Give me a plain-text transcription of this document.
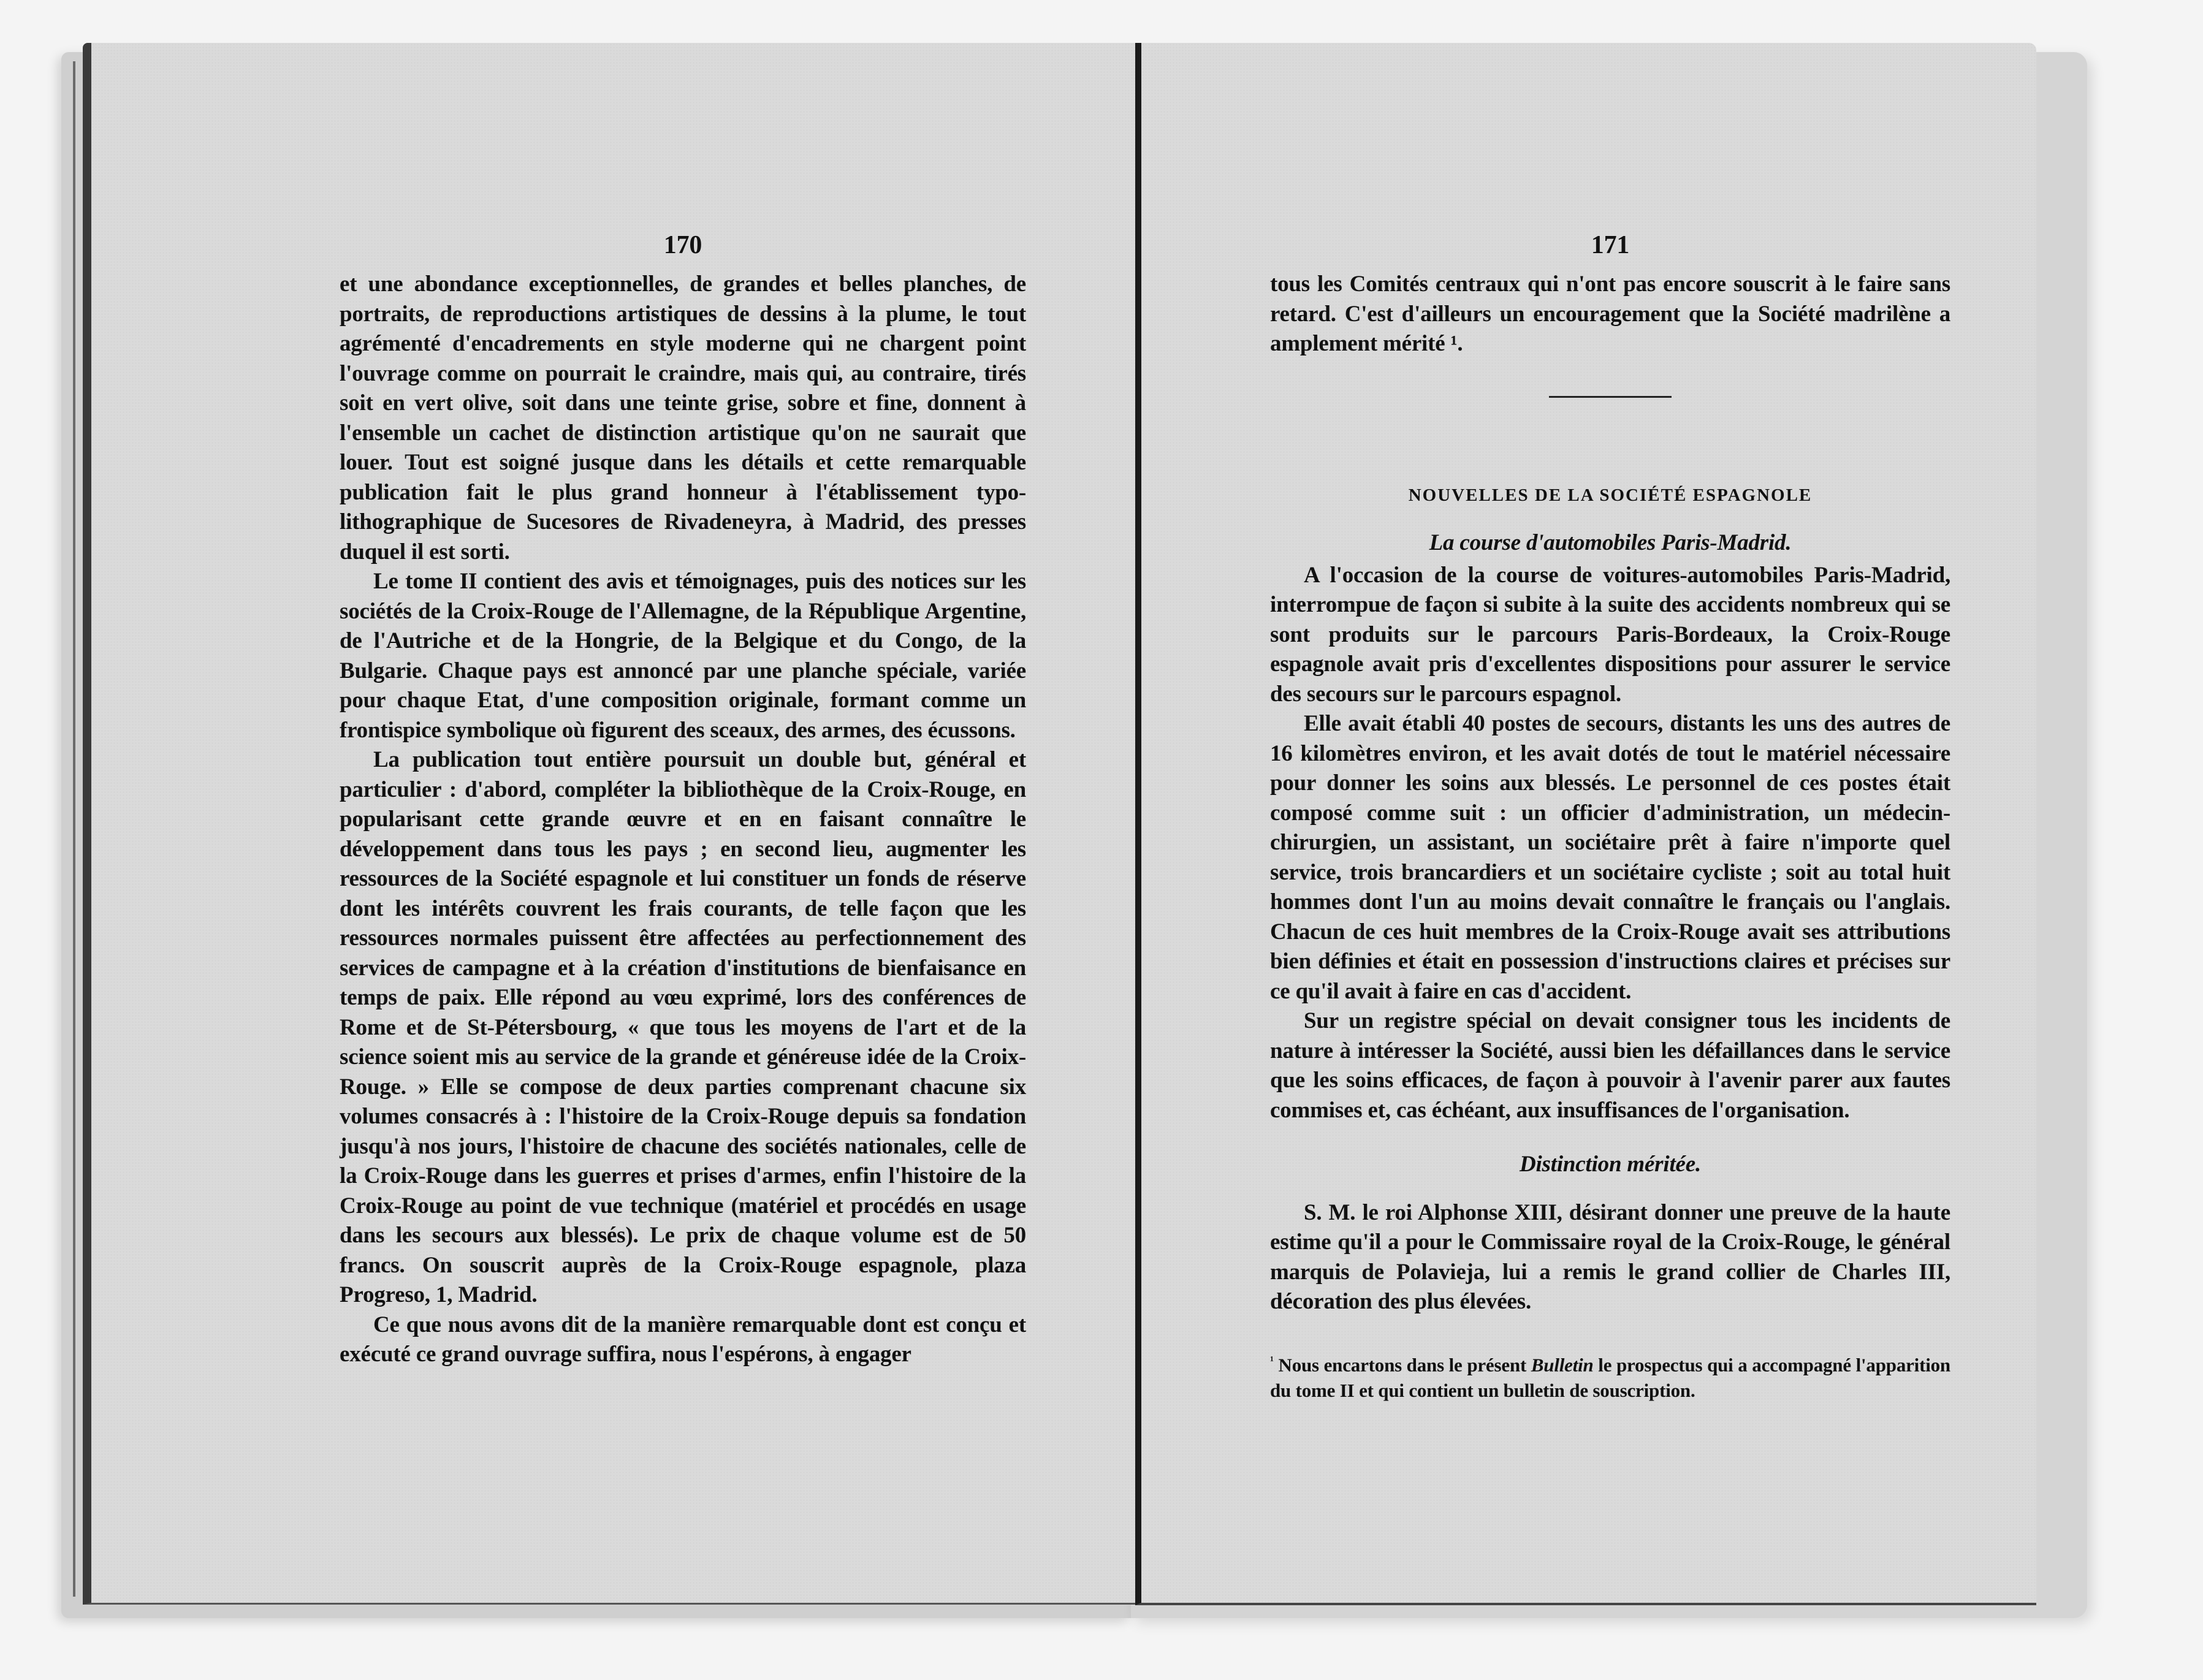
170

et une abondance exceptionnelles, de grandes et belles planches, de portraits, de reproductions artistiques de dessins à la plume, le tout agrémenté d'encadrements en style moderne qui ne chargent point l'ouvrage comme on pourrait le craindre, mais qui, au contraire, tirés soit en vert olive, soit dans une teinte grise, sobre et fine, donnent à l'ensemble un cachet de distinction artistique qu'on ne saurait que louer. Tout est soigné jusque dans les détails et cette remarquable publication fait le plus grand honneur à l'établissement typo-lithographique de Sucesores de Rivadeneyra, à Madrid, des presses duquel il est sorti.

Le tome II contient des avis et témoignages, puis des notices sur les sociétés de la Croix-Rouge de l'Allemagne, de la République Argentine, de l'Autriche et de la Hongrie, de la Belgique et du Congo, de la Bulgarie. Chaque pays est annoncé par une planche spéciale, variée pour chaque Etat, d'une composition originale, formant comme un frontispice symbolique où figurent des sceaux, des armes, des écussons.

La publication tout entière poursuit un double but, général et particulier : d'abord, compléter la bibliothèque de la Croix-Rouge, en popularisant cette grande œuvre et en en faisant connaître le développement dans tous les pays ; en second lieu, augmenter les ressources de la Société espagnole et lui constituer un fonds de réserve dont les intérêts couvrent les frais courants, de telle façon que les ressources normales puissent être affectées au perfectionnement des services de campagne et à la création d'institutions de bienfaisance en temps de paix. Elle répond au vœu exprimé, lors des conférences de Rome et de St-Pétersbourg, « que tous les moyens de l'art et de la science soient mis au service de la grande et généreuse idée de la Croix-Rouge. » Elle se compose de deux parties comprenant chacune six volumes consacrés à : l'histoire de la Croix-Rouge depuis sa fondation jusqu'à nos jours, l'histoire de chacune des sociétés nationales, celle de la Croix-Rouge dans les guerres et prises d'armes, enfin l'histoire de la Croix-Rouge au point de vue technique (matériel et procédés en usage dans les secours aux blessés). Le prix de chaque volume est de 50 francs. On souscrit auprès de la Croix-Rouge espagnole, plaza Progreso, 1, Madrid.

Ce que nous avons dit de la manière remarquable dont est conçu et exécuté ce grand ouvrage suffira, nous l'espérons, à engager

171

tous les Comités centraux qui n'ont pas encore souscrit à le faire sans retard. C'est d'ailleurs un encouragement que la Société madrilène a amplement mérité ¹.

NOUVELLES DE LA SOCIÉTÉ ESPAGNOLE
La course d'automobiles Paris-Madrid.

A l'occasion de la course de voitures-automobiles Paris-Madrid, interrompue de façon si subite à la suite des accidents nombreux qui se sont produits sur le parcours Paris-Bordeaux, la Croix-Rouge espagnole avait pris d'excellentes dispositions pour assurer le service des secours sur le parcours espagnol.

Elle avait établi 40 postes de secours, distants les uns des autres de 16 kilomètres environ, et les avait dotés de tout le matériel nécessaire pour donner les soins aux blessés. Le personnel de ces postes était composé comme suit : un officier d'administration, un médecin-chirurgien, un assistant, un sociétaire prêt à faire n'importe quel service, trois brancardiers et un sociétaire cycliste ; soit au total huit hommes dont l'un au moins devait connaître le français ou l'anglais. Chacun de ces huit membres de la Croix-Rouge avait ses attributions bien définies et était en possession d'instructions claires et précises sur ce qu'il avait à faire en cas d'accident.

Sur un registre spécial on devait consigner tous les incidents de nature à intéresser la Société, aussi bien les défaillances dans le service que les soins efficaces, de façon à pouvoir à l'avenir parer aux fautes commises et, cas échéant, aux insuffisances de l'organisation.

Distinction méritée.

S. M. le roi Alphonse XIII, désirant donner une preuve de la haute estime qu'il a pour le Commissaire royal de la Croix-Rouge, le général marquis de Polavieja, lui a remis le grand collier de Charles III, décoration des plus élevées.

$^{^1}$ Nous encartons dans le présent Bulletin le prospectus qui a accompagné l'apparition du tome II et qui contient un bulletin de souscription.
